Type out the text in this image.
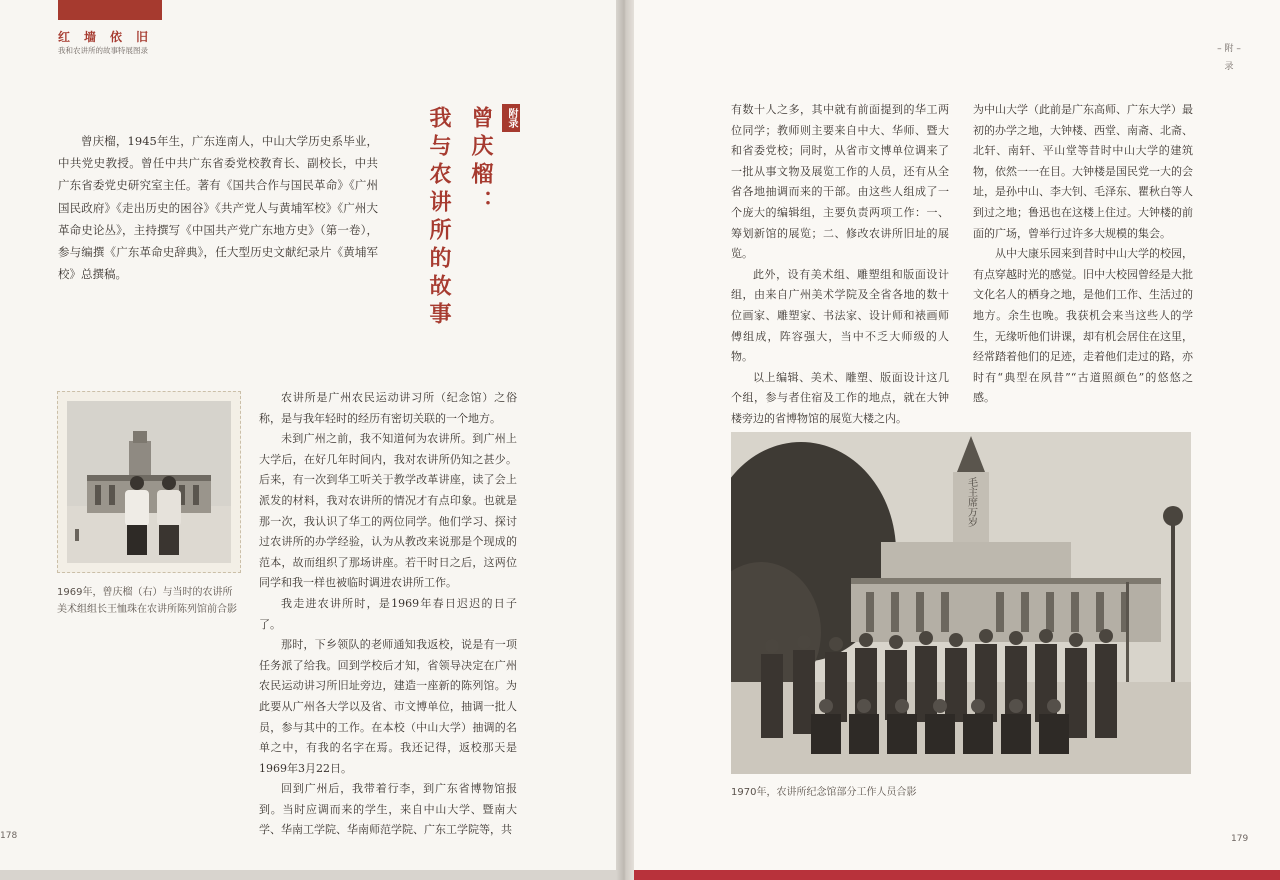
红墙依旧
我和农讲所的故事特展图录
曾庆榴，1945年生，广东连南人，中山大学历史系毕业，中共党史教授。曾任中共广东省委党校教育长、副校长，中共广东省委党史研究室主任。著有《国共合作与国民革命》《广州国民政府》《走出历史的困谷》《共产党人与黄埔军校》《广州大革命史论丛》，主持撰写《中国共产党广东地方史》（第一卷），参与编撰《广东革命史辞典》，任大型历史文献纪录片《黄埔军校》总撰稿。
附录
曾庆榴：
我与农讲所的故事
1969年，曾庆榴（右）与当时的农讲所美术组组长王恤珠在农讲所陈列馆前合影

农讲所是广州农民运动讲习所（纪念馆）之俗称，是与我年轻时的经历有密切关联的一个地方。

未到广州之前，我不知道何为农讲所。到广州上大学后，在好几年时间内，我对农讲所仍知之甚少。后来，有一次到华工听关于教学改革讲座，读了会上派发的材料，我对农讲所的情况才有点印象。也就是那一次，我认识了华工的两位同学。他们学习、探讨过农讲所的办学经验，认为从教改来说那是个现成的范本，故而组织了那场讲座。若干时日之后，这两位同学和我一样也被临时调进农讲所工作。

我走进农讲所时，是1969年春日迟迟的日子了。

那时，下乡领队的老师通知我返校，说是有一项任务派了给我。回到学校后才知，省领导决定在广州农民运动讲习所旧址旁边，建造一座新的陈列馆。为此要从广州各大学以及省、市文博单位，抽调一批人员，参与其中的工作。在本校（中山大学）抽调的名单之中，有我的名字在焉。我还记得，返校那天是1969年3月22日。

回到广州后，我带着行李，到广东省博物馆报到。当时应调而来的学生，来自中山大学、暨南大学、华南工学院、华南师范学院、广东工学院等，共

178
– 附 –
录

有数十人之多，其中就有前面提到的华工两位同学；教师则主要来自中大、华师、暨大和省委党校；同时，从省市文博单位调来了一批从事文物及展览工作的人员，还有从全省各地抽调而来的干部。由这些人组成了一个庞大的编辑组，主要负责两项工作：一、筹划新馆的展览；二、修改农讲所旧址的展览。

此外，设有美术组、雕塑组和版面设计组，由来自广州美术学院及全省各地的数十位画家、雕塑家、书法家、设计师和裱画师傅组成，阵容强大，当中不乏大师级的人物。

以上编辑、美术、雕塑、版面设计这几个组，参与者住宿及工作的地点，就在大钟楼旁边的省博物馆的展览大楼之内。

为中山大学（此前是广东高师、广东大学）最初的办学之地，大钟楼、西堂、南斋、北斋、北轩、南轩、平山堂等昔时中山大学的建筑物，依然一一在目。大钟楼是国民党一大的会址，是孙中山、李大钊、毛泽东、瞿秋白等人到过之地；鲁迅也在这楼上住过。大钟楼的前面的广场，曾举行过许多大规模的集会。

从中大康乐园来到昔时中山大学的校园，有点穿越时光的感觉。旧中大校园曾经是大批文化名人的栖身之地，是他们工作、生活过的地方。余生也晚。我获机会来当这些人的学生，无缘听他们讲课，却有机会居住在这里，经常踏着他们的足迹，走着他们走过的路，亦时有“典型在夙昔”“古道照颜色”的悠悠之感。

毛主席万岁
1970年，农讲所纪念馆部分工作人员合影
179
